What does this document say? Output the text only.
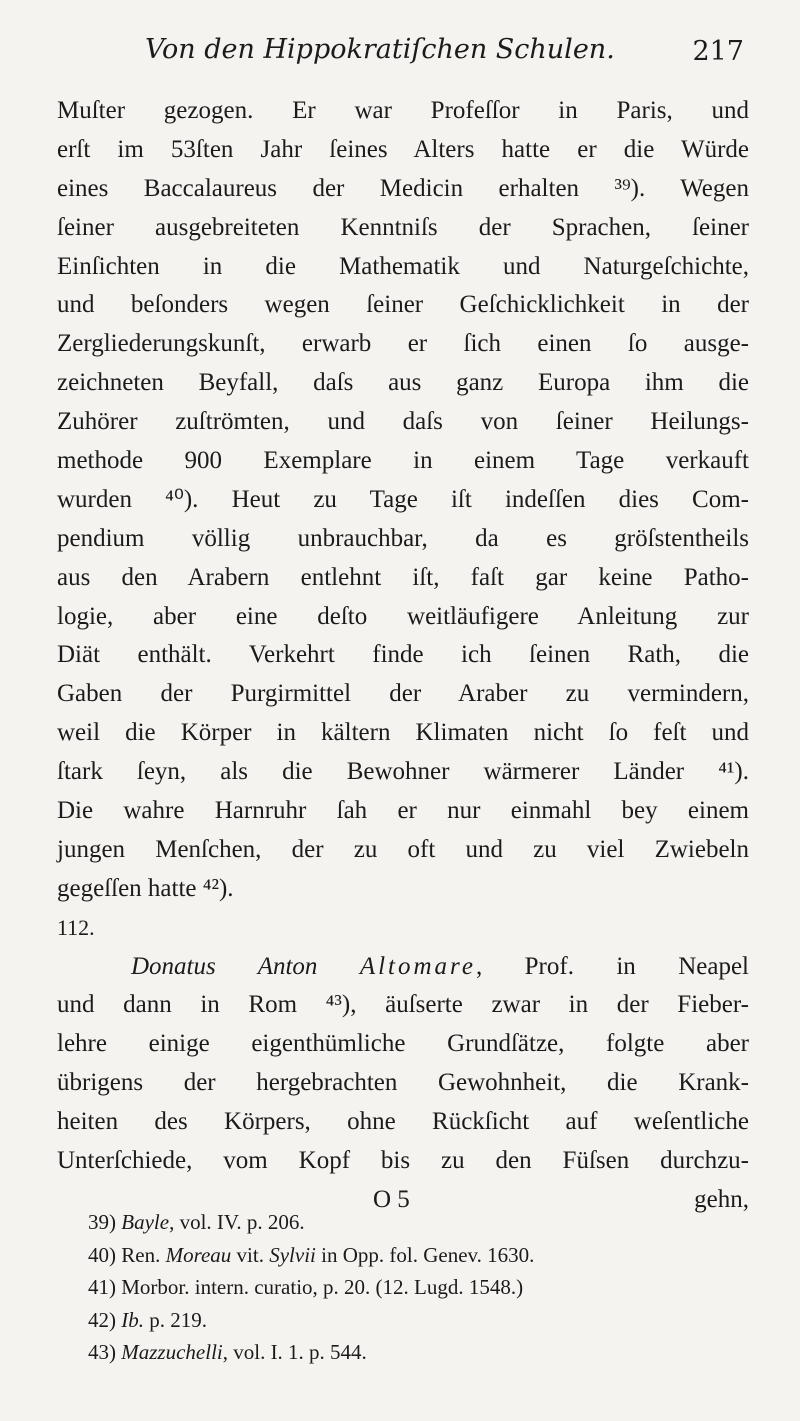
Von den Hippokratiſchen Schulen.	217
Muſter gezogen. Er war Profeſſor in Paris, und
erſt im 53ſten Jahr ſeines Alters hatte er die Würde
eines Baccalaureus der Medicin erhalten ³⁹). Wegen
ſeiner ausgebreiteten Kenntniſs der Sprachen, ſeiner
Einſichten in die Mathematik und Naturgeſchichte,
und beſonders wegen ſeiner Geſchicklichkeit in der
Zergliederungskunſt, erwarb er ſich einen ſo ausge-
zeichneten Beyfall, daſs aus ganz Europa ihm die
Zuhörer zuſtrömten, und daſs von ſeiner Heilungs-
methode 900 Exemplare in einem Tage verkauft
wurden ⁴⁰). Heut zu Tage iſt indeſſen dies Com-
pendium völlig unbrauchbar, da es gröſstentheils
aus den Arabern entlehnt iſt, faſt gar keine Patho-
logie, aber eine deſto weitläufigere Anleitung zur
Diät enthält. Verkehrt finde ich ſeinen Rath, die
Gaben der Purgirmittel der Araber zu vermindern,
weil die Körper in kältern Klimaten nicht ſo feſt und
ſtark ſeyn, als die Bewohner wärmerer Länder ⁴¹).
Die wahre Harnruhr ſah er nur einmahl bey einem
jungen Menſchen, der zu oft und zu viel Zwiebeln
gegeſſen hatte ⁴²).
112.
Donatus Anton Altomare, Prof. in Neapel
und dann in Rom ⁴³), äuſserte zwar in der Fieber-
lehre einige eigenthümliche Grundſätze, folgte aber
übrigens der hergebrachten Gewohnheit, die Krank-
heiten des Körpers, ohne Rückſicht auf weſentliche
Unterſchiede, vom Kopf bis zu den Füſsen durchzu-
O 5	gehn,
39) Bayle, vol. IV. p. 206.
40) Ren. Moreau vit. Sylvii in Opp. fol. Genev. 1630.
41) Morbor. intern. curatio, p. 20. (12. Lugd. 1548.)
42) Ib. p. 219.
43) Mazzuchelli, vol. I. 1. p. 544.
